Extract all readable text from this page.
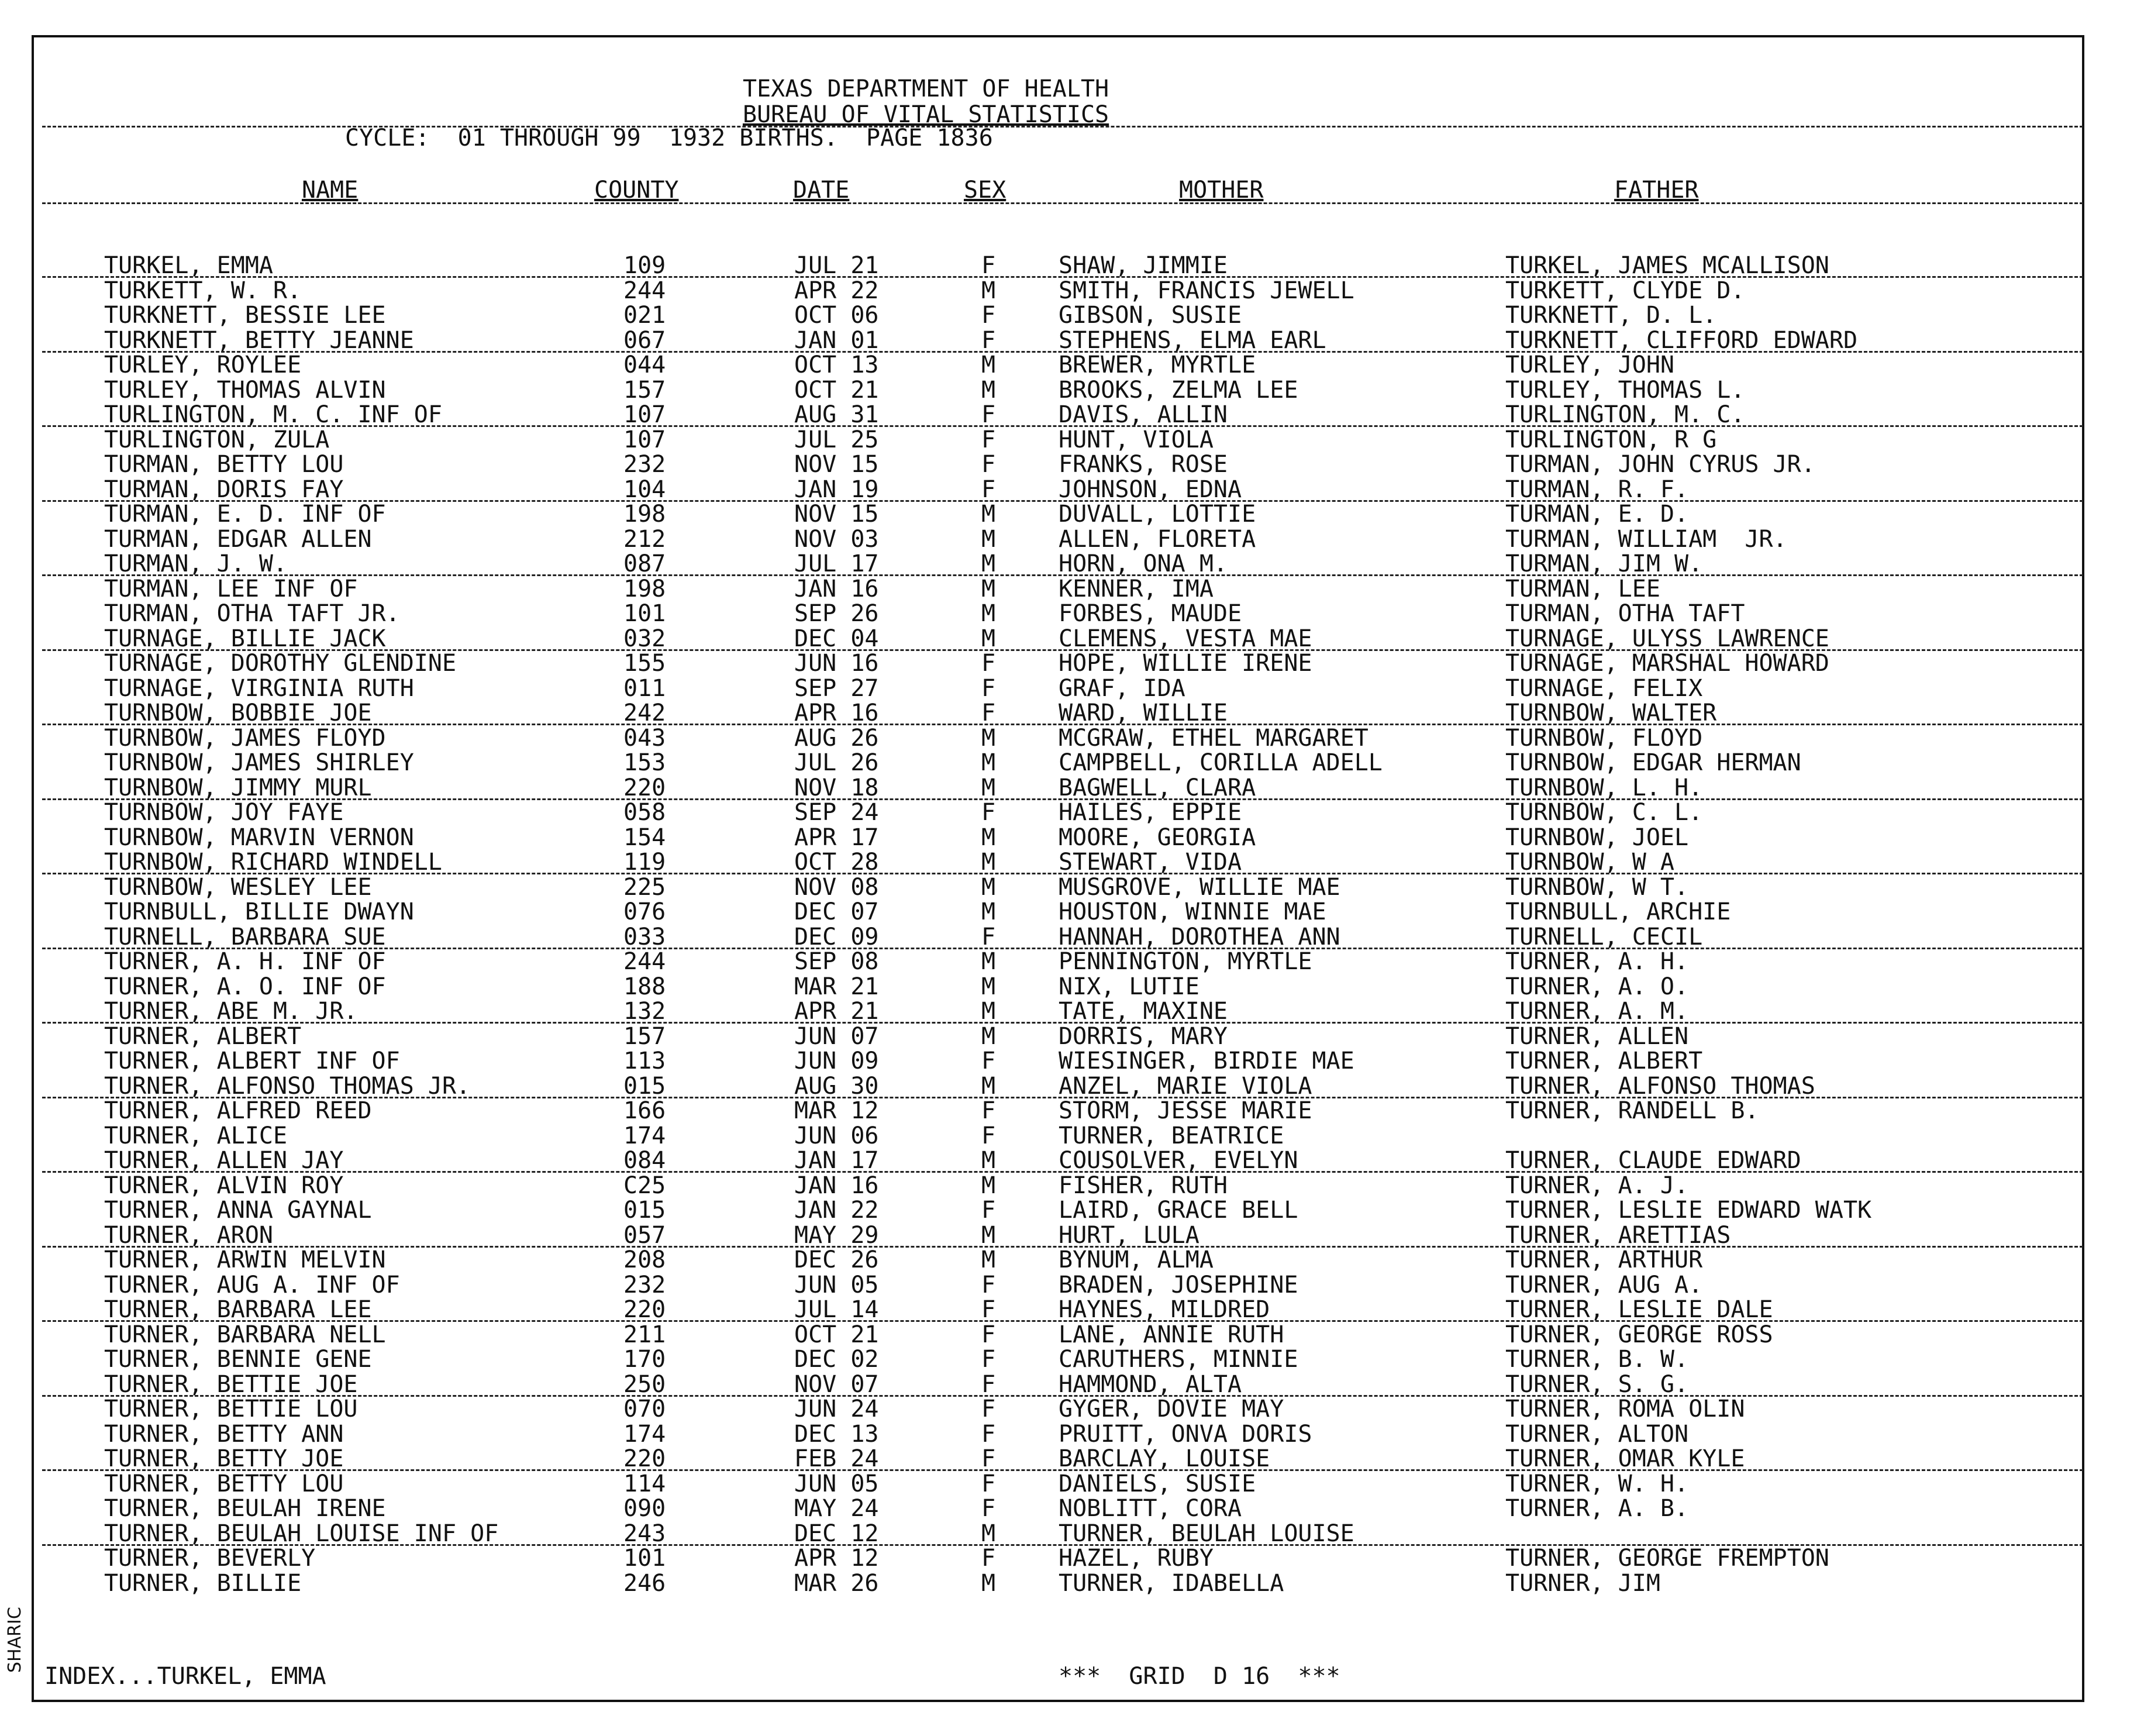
TEXAS DEPARTMENT OF HEALTH
BUREAU OF VITAL STATISTICS
CYCLE:  01 THROUGH 99  1932 BIRTHS.  PAGE 1836
NAME	COUNTY	DATE	SEX	MOTHER	FATHER
TURKEL, EMMA	109	JUL 21	F	SHAW, JIMMIE	TURKEL, JAMES MCALLISON
TURKETT, W. R.	244	APR 22	M	SMITH, FRANCIS JEWELL	TURKETT, CLYDE D.
TURKNETT, BESSIE LEE	021	OCT 06	F	GIBSON, SUSIE	TURKNETT, D. L.
TURKNETT, BETTY JEANNE	067	JAN 01	F	STEPHENS, ELMA EARL	TURKNETT, CLIFFORD EDWARD
TURLEY, ROYLEE	044	OCT 13	M	BREWER, MYRTLE	TURLEY, JOHN
TURLEY, THOMAS ALVIN	157	OCT 21	M	BROOKS, ZELMA LEE	TURLEY, THOMAS L.
TURLINGTON, M. C. INF OF	107	AUG 31	F	DAVIS, ALLIN	TURLINGTON, M. C.
TURLINGTON, ZULA	107	JUL 25	F	HUNT, VIOLA	TURLINGTON, R G
TURMAN, BETTY LOU	232	NOV 15	F	FRANKS, ROSE	TURMAN, JOHN CYRUS JR.
TURMAN, DORIS FAY	104	JAN 19	F	JOHNSON, EDNA	TURMAN, R. F.
TURMAN, E. D. INF OF	198	NOV 15	M	DUVALL, LOTTIE	TURMAN, E. D.
TURMAN, EDGAR ALLEN	212	NOV 03	M	ALLEN, FLORETA	TURMAN, WILLIAM  JR.
TURMAN, J. W.	087	JUL 17	M	HORN, ONA M.	TURMAN, JIM W.
TURMAN, LEE INF OF	198	JAN 16	M	KENNER, IMA	TURMAN, LEE
TURMAN, OTHA TAFT JR.	101	SEP 26	M	FORBES, MAUDE	TURMAN, OTHA TAFT
TURNAGE, BILLIE JACK	032	DEC 04	M	CLEMENS, VESTA MAE	TURNAGE, ULYSS LAWRENCE
TURNAGE, DOROTHY GLENDINE	155	JUN 16	F	HOPE, WILLIE IRENE	TURNAGE, MARSHAL HOWARD
TURNAGE, VIRGINIA RUTH	011	SEP 27	F	GRAF, IDA	TURNAGE, FELIX
TURNBOW, BOBBIE JOE	242	APR 16	F	WARD, WILLIE	TURNBOW, WALTER
TURNBOW, JAMES FLOYD	043	AUG 26	M	MCGRAW, ETHEL MARGARET	TURNBOW, FLOYD
TURNBOW, JAMES SHIRLEY	153	JUL 26	M	CAMPBELL, CORILLA ADELL	TURNBOW, EDGAR HERMAN
TURNBOW, JIMMY MURL	220	NOV 18	M	BAGWELL, CLARA	TURNBOW, L. H.
TURNBOW, JOY FAYE	058	SEP 24	F	HAILES, EPPIE	TURNBOW, C. L.
TURNBOW, MARVIN VERNON	154	APR 17	M	MOORE, GEORGIA	TURNBOW, JOEL
TURNBOW, RICHARD WINDELL	119	OCT 28	M	STEWART, VIDA	TURNBOW, W A
TURNBOW, WESLEY LEE	225	NOV 08	M	MUSGROVE, WILLIE MAE	TURNBOW, W T.
TURNBULL, BILLIE DWAYN	076	DEC 07	M	HOUSTON, WINNIE MAE	TURNBULL, ARCHIE
TURNELL, BARBARA SUE	033	DEC 09	F	HANNAH, DOROTHEA ANN	TURNELL, CECIL
TURNER, A. H. INF OF	244	SEP 08	M	PENNINGTON, MYRTLE	TURNER, A. H.
TURNER, A. O. INF OF	188	MAR 21	M	NIX, LUTIE	TURNER, A. O.
TURNER, ABE M. JR.	132	APR 21	M	TATE, MAXINE	TURNER, A. M.
TURNER, ALBERT	157	JUN 07	M	DORRIS, MARY	TURNER, ALLEN
TURNER, ALBERT INF OF	113	JUN 09	F	WIESINGER, BIRDIE MAE	TURNER, ALBERT
TURNER, ALFONSO THOMAS JR.	015	AUG 30	M	ANZEL, MARIE VIOLA	TURNER, ALFONSO THOMAS
TURNER, ALFRED REED	166	MAR 12	F	STORM, JESSE MARIE	TURNER, RANDELL B.
TURNER, ALICE	174	JUN 06	F	TURNER, BEATRICE
TURNER, ALLEN JAY	084	JAN 17	M	COUSOLVER, EVELYN	TURNER, CLAUDE EDWARD
TURNER, ALVIN ROY	C25	JAN 16	M	FISHER, RUTH	TURNER, A. J.
TURNER, ANNA GAYNAL	015	JAN 22	F	LAIRD, GRACE BELL	TURNER, LESLIE EDWARD WATK
TURNER, ARON	057	MAY 29	M	HURT, LULA	TURNER, ARETTIAS
TURNER, ARWIN MELVIN	208	DEC 26	M	BYNUM, ALMA	TURNER, ARTHUR
TURNER, AUG A. INF OF	232	JUN 05	F	BRADEN, JOSEPHINE	TURNER, AUG A.
TURNER, BARBARA LEE	220	JUL 14	F	HAYNES, MILDRED	TURNER, LESLIE DALE
TURNER, BARBARA NELL	211	OCT 21	F	LANE, ANNIE RUTH	TURNER, GEORGE ROSS
TURNER, BENNIE GENE	170	DEC 02	F	CARUTHERS, MINNIE	TURNER, B. W.
TURNER, BETTIE JOE	250	NOV 07	F	HAMMOND, ALTA	TURNER, S. G.
TURNER, BETTIE LOU	070	JUN 24	F	GYGER, DOVIE MAY	TURNER, ROMA OLIN
TURNER, BETTY ANN	174	DEC 13	F	PRUITT, ONVA DORIS	TURNER, ALTON
TURNER, BETTY JOE	220	FEB 24	F	BARCLAY, LOUISE	TURNER, OMAR KYLE
TURNER, BETTY LOU	114	JUN 05	F	DANIELS, SUSIE	TURNER, W. H.
TURNER, BEULAH IRENE	090	MAY 24	F	NOBLITT, CORA	TURNER, A. B.
TURNER, BEULAH LOUISE INF OF	243	DEC 12	M	TURNER, BEULAH LOUISE
TURNER, BEVERLY	101	APR 12	F	HAZEL, RUBY	TURNER, GEORGE FREMPTON
TURNER, BILLIE	246	MAR 26	M	TURNER, IDABELLA	TURNER, JIM
INDEX...TURKEL, EMMA	***  GRID  D 16  ***
SHARIC
